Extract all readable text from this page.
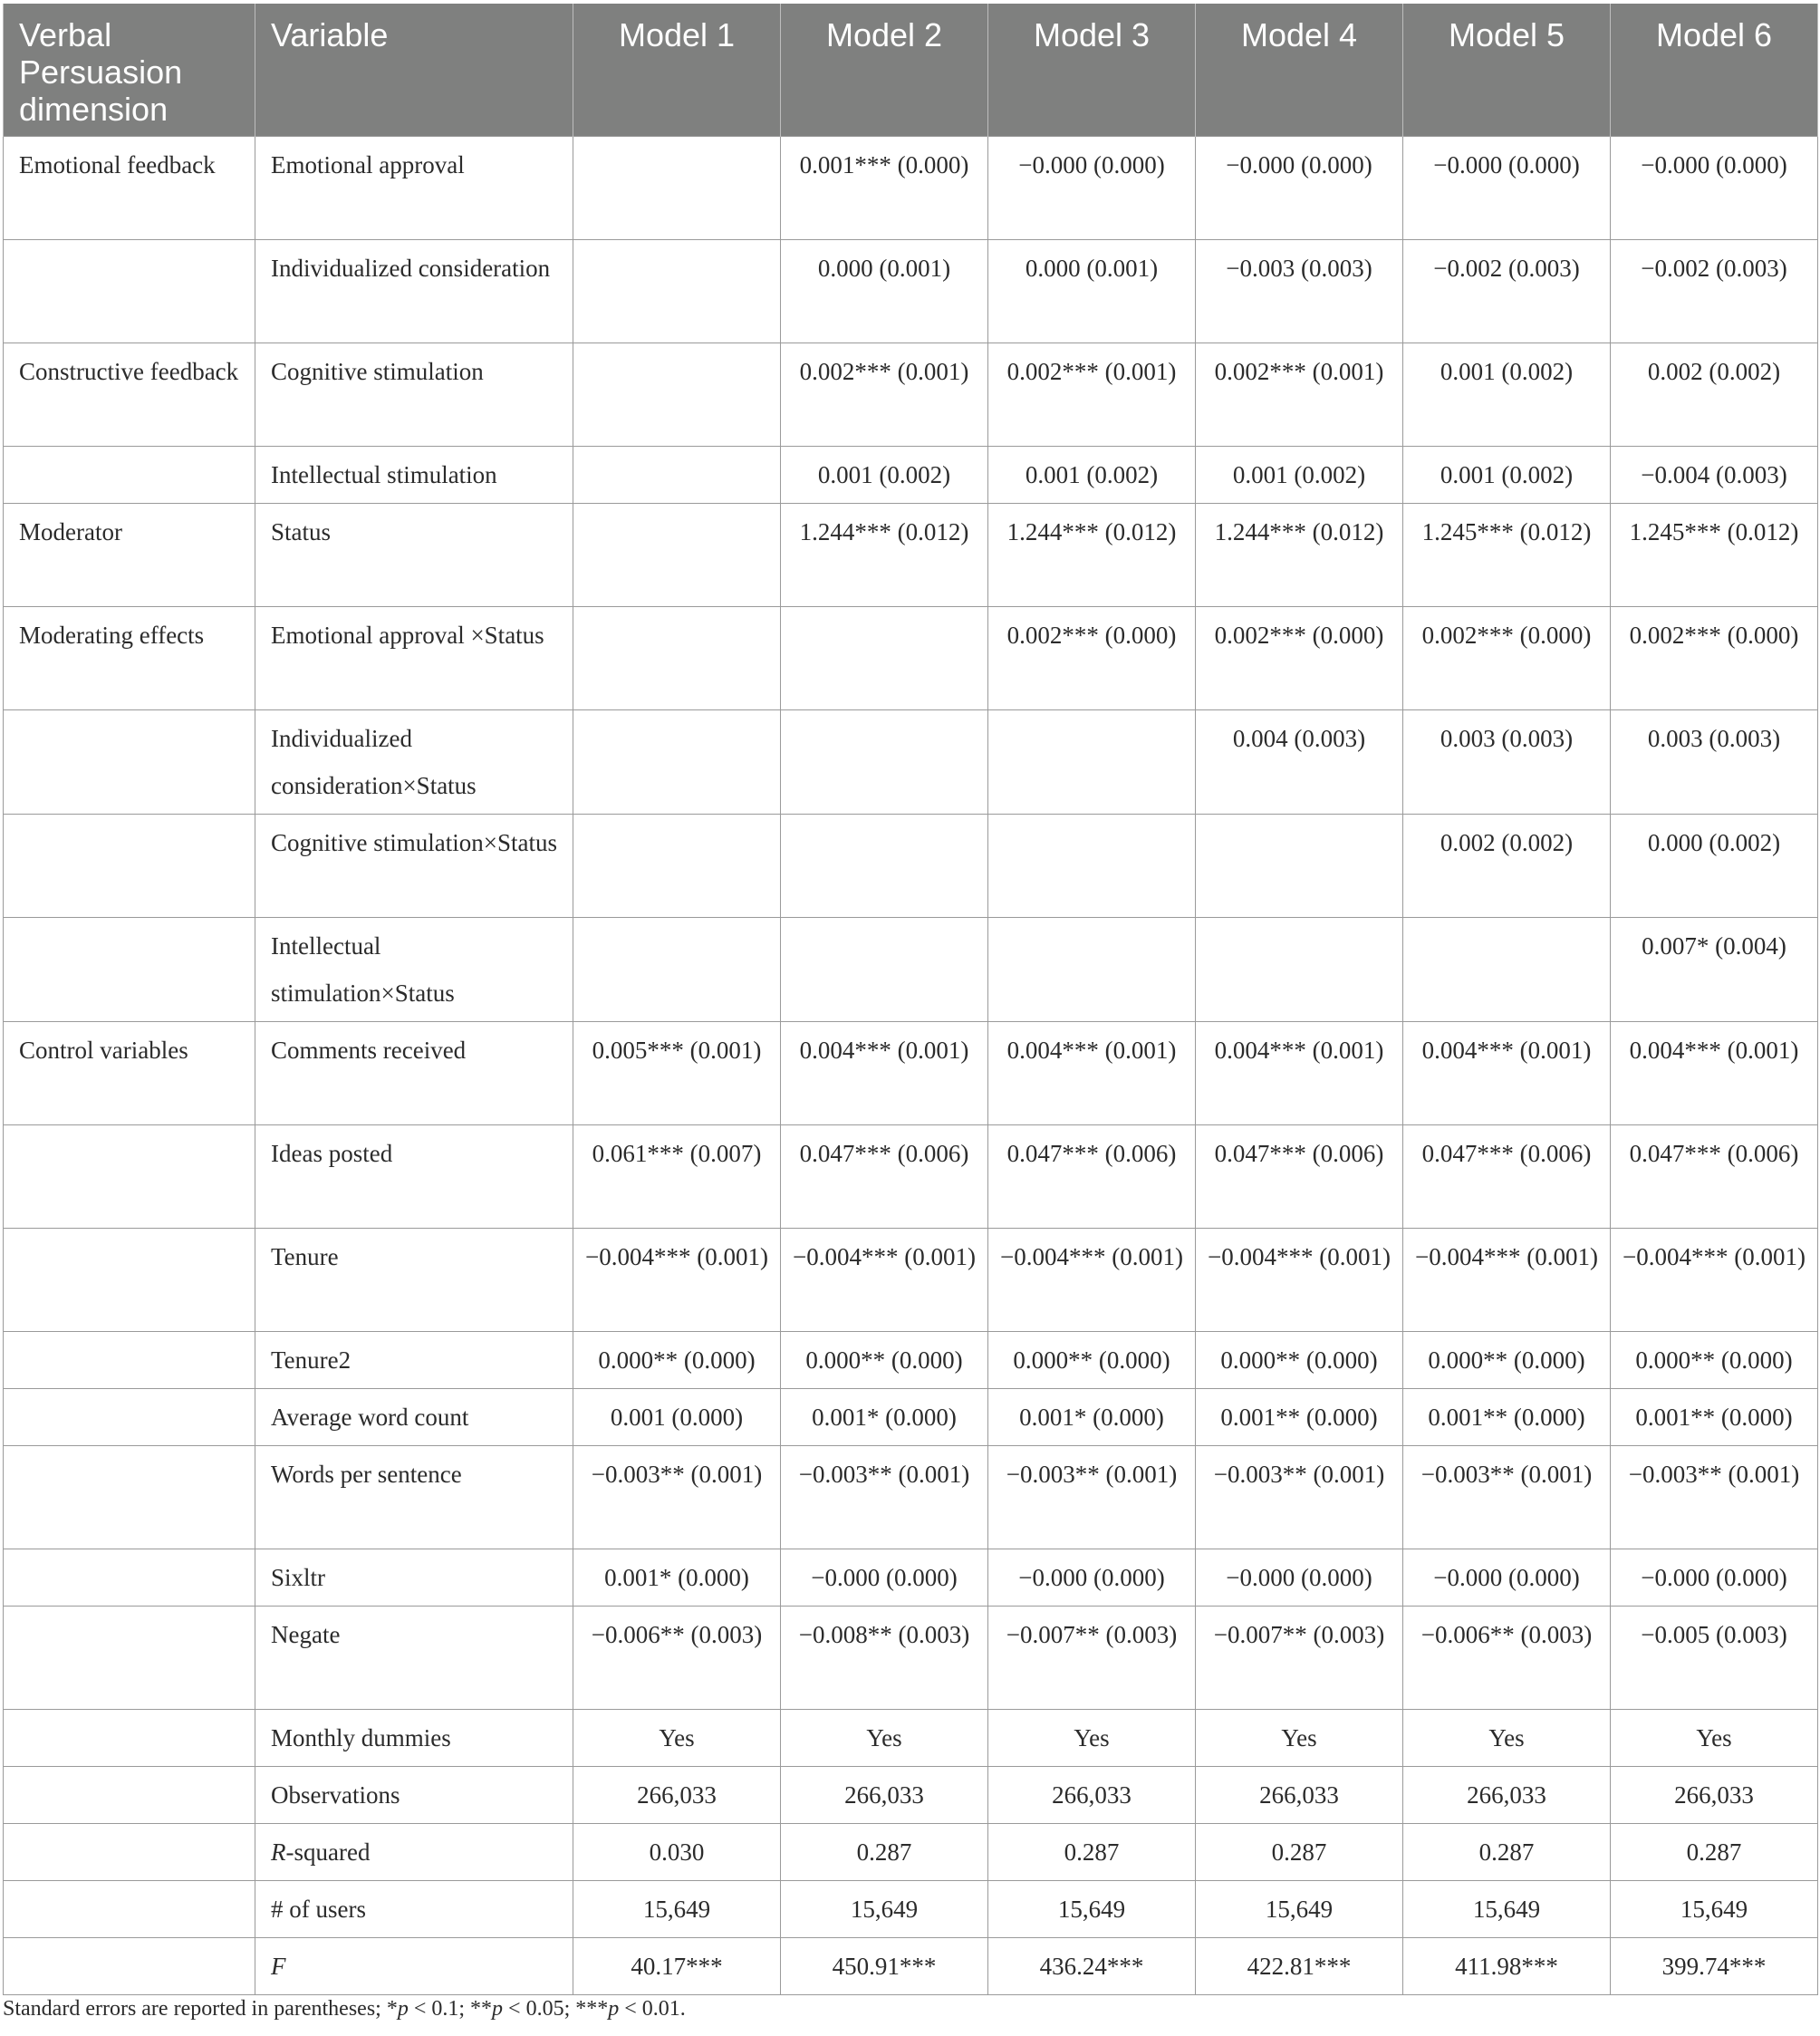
Verbal Persuasion dimension	Variable	Model 1	Model 2	Model 3	Model 4	Model 5	Model 6
Emotional feedback	Emotional approval		0.001*** (0.000)	−0.000 (0.000)	−0.000 (0.000)	−0.000 (0.000)	−0.000 (0.000)
	Individualized consideration		0.000 (0.001)	0.000 (0.001)	−0.003 (0.003)	−0.002 (0.003)	−0.002 (0.003)
Constructive feedback	Cognitive stimulation		0.002*** (0.001)	0.002*** (0.001)	0.002*** (0.001)	0.001 (0.002)	0.002 (0.002)
	Intellectual stimulation		0.001 (0.002)	0.001 (0.002)	0.001 (0.002)	0.001 (0.002)	−0.004 (0.003)
Moderator	Status		1.244*** (0.012)	1.244*** (0.012)	1.244*** (0.012)	1.245*** (0.012)	1.245*** (0.012)
Moderating effects	Emotional approval ×Status			0.002*** (0.000)	0.002*** (0.000)	0.002*** (0.000)	0.002*** (0.000)
	Individualized consideration×Status				0.004 (0.003)	0.003 (0.003)	0.003 (0.003)
	Cognitive stimulation×Status					0.002 (0.002)	0.000 (0.002)
	Intellectual stimulation×Status						0.007* (0.004)
Control variables	Comments received	0.005*** (0.001)	0.004*** (0.001)	0.004*** (0.001)	0.004*** (0.001)	0.004*** (0.001)	0.004*** (0.001)
	Ideas posted	0.061*** (0.007)	0.047*** (0.006)	0.047*** (0.006)	0.047*** (0.006)	0.047*** (0.006)	0.047*** (0.006)
	Tenure	−0.004*** (0.001)	−0.004*** (0.001)	−0.004*** (0.001)	−0.004*** (0.001)	−0.004*** (0.001)	−0.004*** (0.001)
	Tenure2	0.000** (0.000)	0.000** (0.000)	0.000** (0.000)	0.000** (0.000)	0.000** (0.000)	0.000** (0.000)
	Average word count	0.001 (0.000)	0.001* (0.000)	0.001* (0.000)	0.001** (0.000)	0.001** (0.000)	0.001** (0.000)
	Words per sentence	−0.003** (0.001)	−0.003** (0.001)	−0.003** (0.001)	−0.003** (0.001)	−0.003** (0.001)	−0.003** (0.001)
	Sixltr	0.001* (0.000)	−0.000 (0.000)	−0.000 (0.000)	−0.000 (0.000)	−0.000 (0.000)	−0.000 (0.000)
	Negate	−0.006** (0.003)	−0.008** (0.003)	−0.007** (0.003)	−0.007** (0.003)	−0.006** (0.003)	−0.005 (0.003)
	Monthly dummies	Yes	Yes	Yes	Yes	Yes	Yes
	Observations	266,033	266,033	266,033	266,033	266,033	266,033
	R-squared	0.030	0.287	0.287	0.287	0.287	0.287
	# of users	15,649	15,649	15,649	15,649	15,649	15,649
	F	40.17***	450.91***	436.24***	422.81***	411.98***	399.74***
Standard errors are reported in parentheses; *p < 0.1; **p < 0.05; ***p < 0.01.
